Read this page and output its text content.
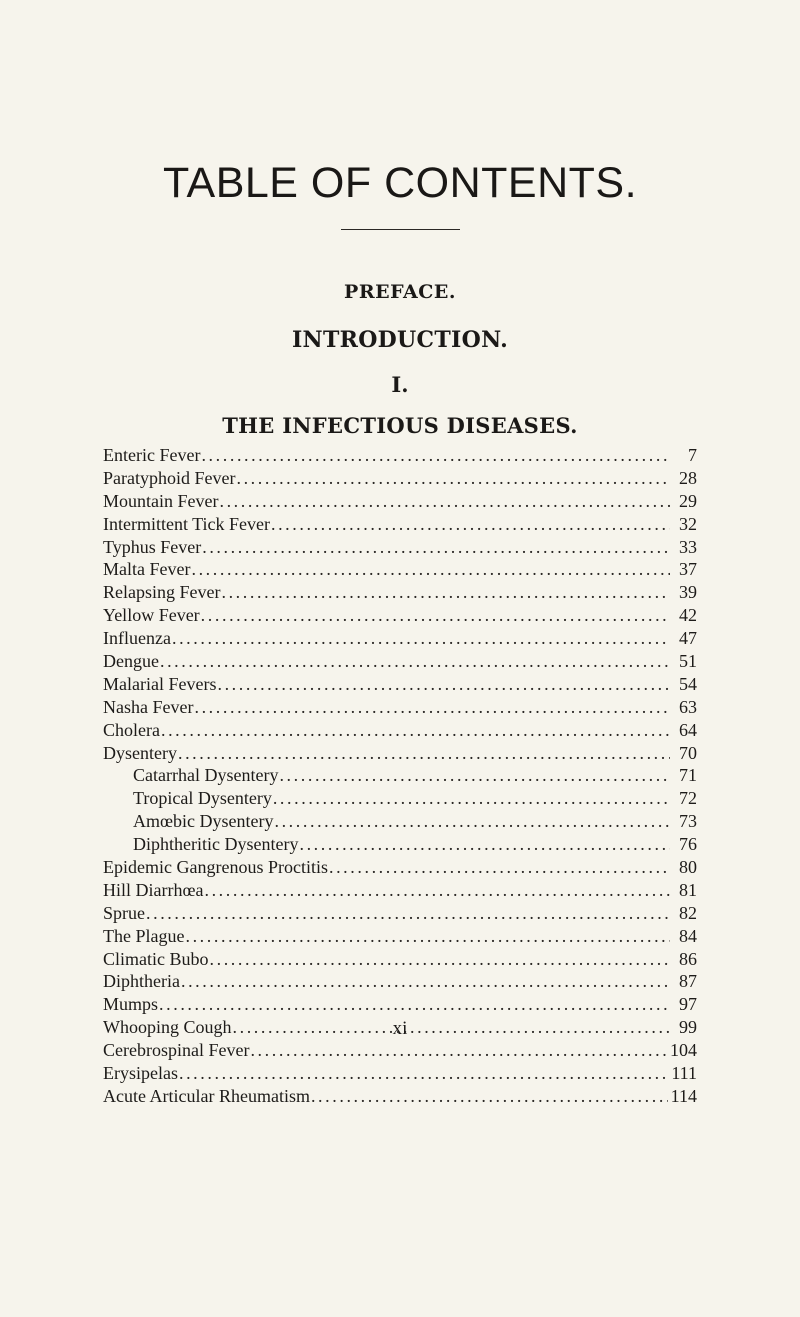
TABLE OF CONTENTS.
PREFACE.
INTRODUCTION.
I.
THE INFECTIOUS DISEASES.
Enteric Fever .....	7
Paratyphoid Fever .....	28
Mountain Fever .....	29
Intermittent Tick Fever .....	32
Typhus Fever .....	33
Malta Fever .....	37
Relapsing Fever .....	39
Yellow Fever .....	42
Influenza .....	47
Dengue .....	51
Malarial Fevers .....	54
Nasha Fever .....	63
Cholera .....	64
Dysentery .....	70
Catarrhal Dysentery .....	71
Tropical Dysentery .....	72
Amœbic Dysentery .....	73
Diphtheritic Dysentery .....	76
Epidemic Gangrenous Proctitis .....	80
Hill Diarrhœa .....	81
Sprue .....	82
The Plague .....	84
Climatic Bubo .....	86
Diphtheria .....	87
Mumps .....	97
Whooping Cough .....	99
Cerebrospinal Fever .....	104
Erysipelas .....	111
Acute Articular Rheumatism .....	114
xi
